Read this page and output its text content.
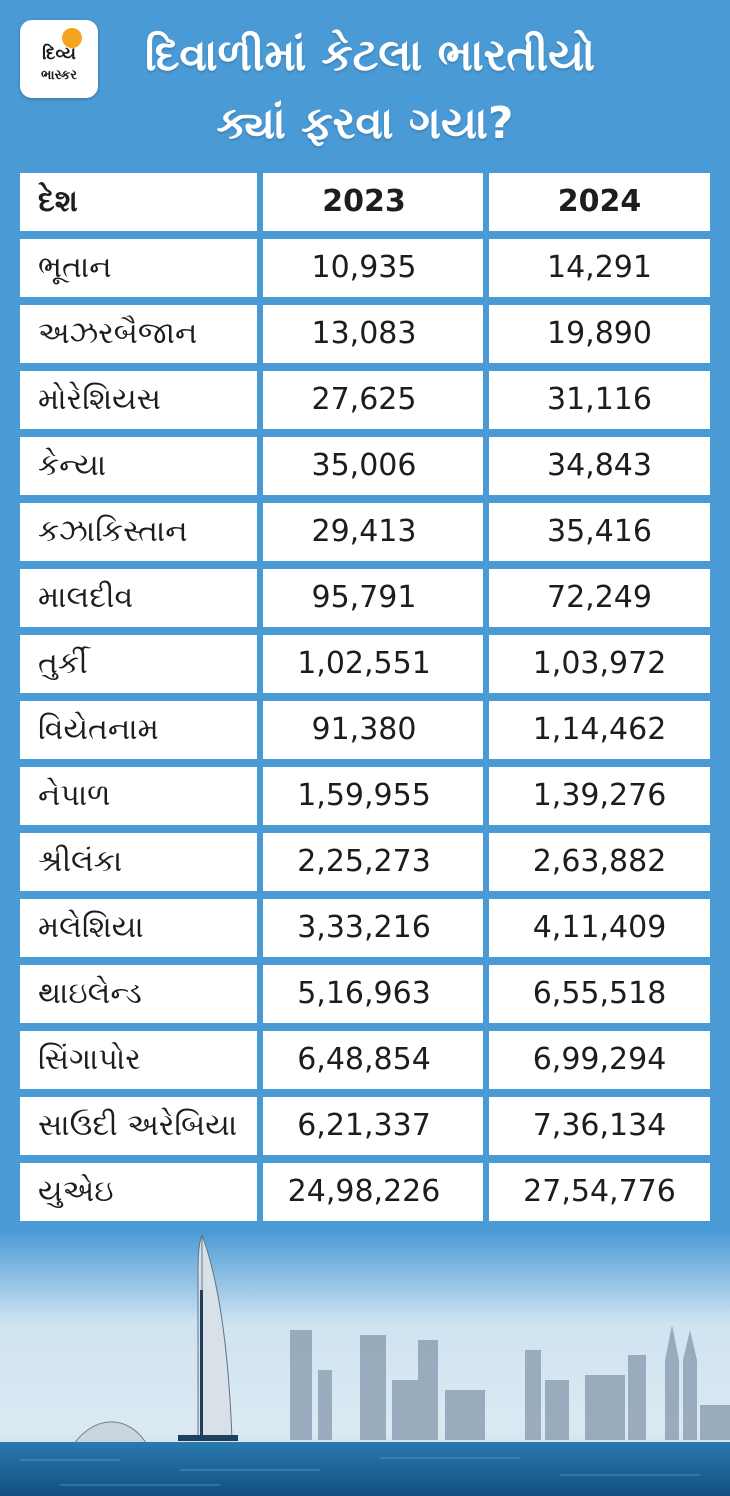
દિવ્ય
ભાસ્કર	દિવાળીમાં કેટલા ભારતીયો
ક્યાં ફરવા ગયા?
દેશ	2023	2024
ભૂતાન	10,935	14,291
અઝરબૈજાન	13,083	19,890
મોરેશિયસ	27,625	31,116
કેન્યા	35,006	34,843
કઝાકિસ્તાન	29,413	35,416
માલદીવ	95,791	72,249
તુર્કી	1,02,551	1,03,972
વિયેતનામ	91,380	1,14,462
નેપાળ	1,59,955	1,39,276
શ્રીલંકા	2,25,273	2,63,882
મલેશિયા	3,33,216	4,11,409
થાઇલેન્ડ	5,16,963	6,55,518
સિંગાપોર	6,48,854	6,99,294
સાઉદી અરેબિયા	6,21,337	7,36,134
યુએઇ	24,98,226	27,54,776
